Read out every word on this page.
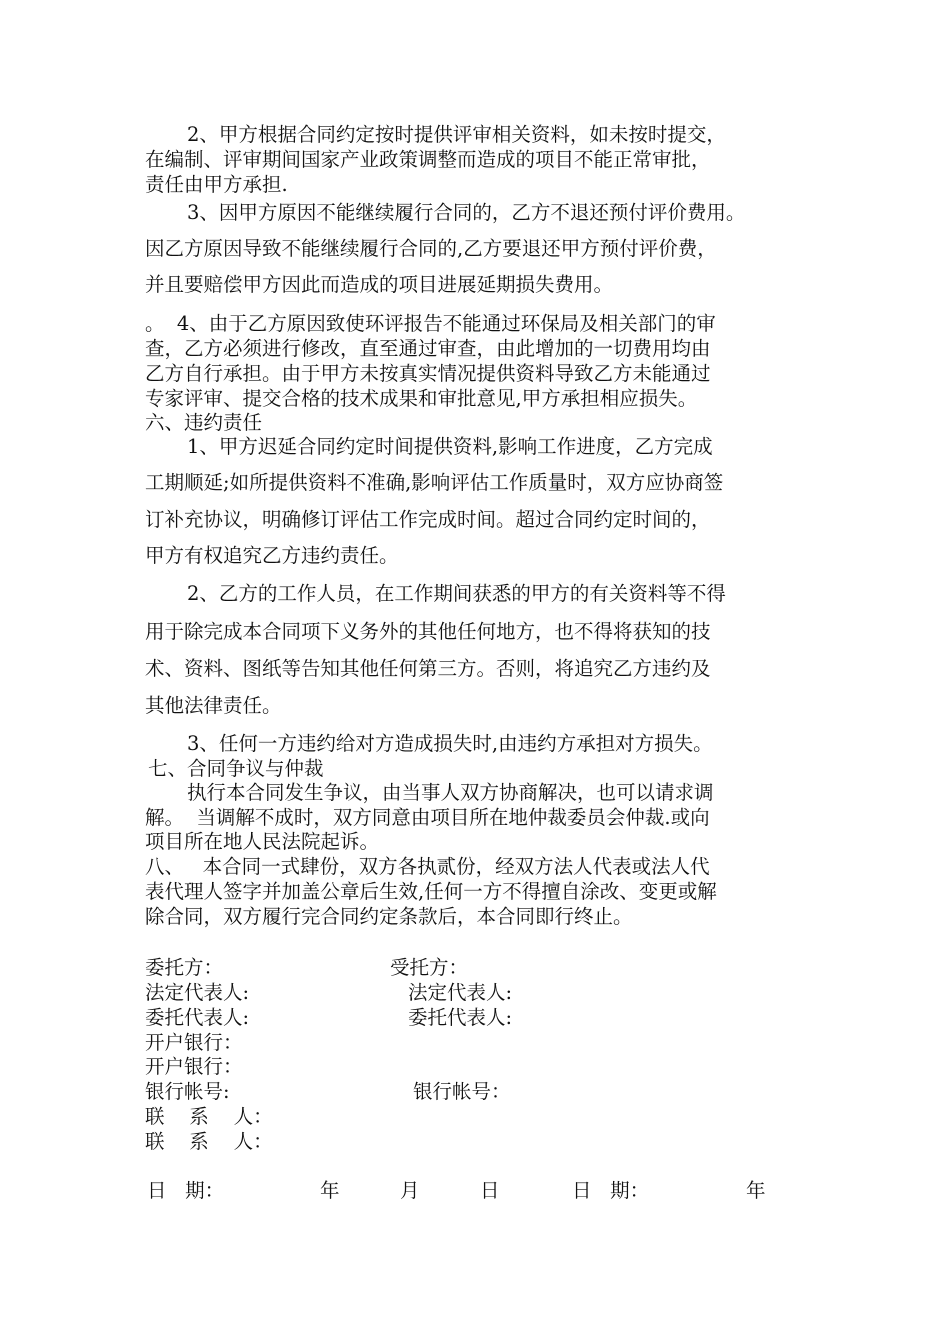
2、甲方根据合同约定按时提供评审相关资料，如未按时提交，
在编制、评审期间国家产业政策调整而造成的项目不能正常审批，
责任由甲方承担.
3、因甲方原因不能继续履行合同的，乙方不退还预付评价费用。
因乙方原因导致不能继续履行合同的,乙方要退还甲方预付评价费，
并且要赔偿甲方因此而造成的项目进展延期损失费用。
。  4、由于乙方原因致使环评报告不能通过环保局及相关部门的审
查，乙方必须进行修改，直至通过审查，由此增加的一切费用均由
乙方自行承担。由于甲方未按真实情况提供资料导致乙方未能通过
专家评审、提交合格的技术成果和审批意见,甲方承担相应损失。
六、违约责任
1、甲方迟延合同约定时间提供资料,影响工作进度，乙方完成
工期顺延;如所提供资料不准确,影响评估工作质量时，双方应协商签
订补充协议，明确修订评估工作完成时间。超过合同约定时间的，
甲方有权追究乙方违约责任。
2、乙方的工作人员，在工作期间获悉的甲方的有关资料等不得
用于除完成本合同项下义务外的其他任何地方，也不得将获知的技
术、资料、图纸等告知其他任何第三方。否则，将追究乙方违约及
其他法律责任。
3、任何一方违约给对方造成损失时,由违约方承担对方损失。
七、合同争议与仲裁
执行本合同发生争议，由当事人双方协商解决，也可以请求调
解。  当调解不成时，双方同意由项目所在地仲裁委员会仲裁.或向
项目所在地人民法院起诉。
八、   本合同一式肆份，双方各执贰份，经双方法人代表或法人代
表代理人签字并加盖公章后生效,任何一方不得擅自涂改、变更或解
除合同，双方履行完合同约定条款后，本合同即行终止。
委托方：	受托方：
法定代表人:	法定代表人:
委托代表人:	委托代表人:
开户银行：
开户银行：
银行帐号:	银行帐号：
联    系    人：
联    系    人：
日   期：	年	月	日	日   期：	年
